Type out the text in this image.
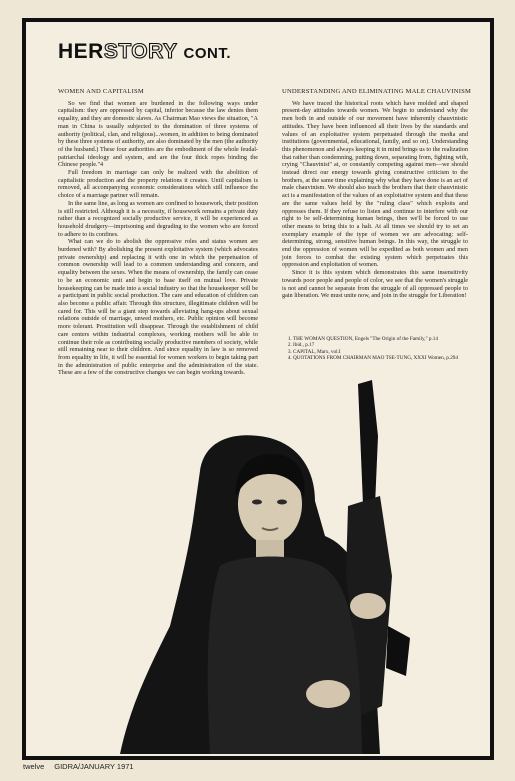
HERSTORY CONT.
WOMEN AND CAPITALISM

So we find that women are burdened in the following ways under capitalism: they are oppressed by capital, inferior because the law denies them equality, and they are domestic slaves. As Chairman Mao views the situation, "A man in China is usually subjected to the domination of three systems of authority (political, clan, and religious)...women, in addition to being dominated by these three systems of authority, are also dominated by the men (the authority of the husband.) These four authorities are the embodiment of the whole feudal-patriarchal ideology and system, and are the four thick ropes binding the Chinese people."4

Full freedom in marriage can only be realized with the abolition of capitalistic production and the property relations it creates. Until capitalism is removed, all accompanying economic considerations which still influence the choice of a marriage partner will remain.

In the same line, as long as women are confined to housework, their position is still restricted. Although it is a necessity, if housework remains a private duty rather than a recognized socially productive service, it will be experienced as household drudgery—imprisoning and degrading to the women who are forced to adhere to its confines.

What can we do to abolish the oppressive roles and status women are burdened with? By abolishing the present exploitative system (which advocates private ownership) and replacing it with one in which the perpetuation of common ownership will lead to a common understanding and concern, and equality between the sexes. When the means of ownership, the family can cease to be an economic unit and begin to base itself on mutual love. Private housekeeping can be made into a social industry so that the housekeeper will be a participant in public social production. The care and education of children can also become a public affair. Through this structure, illegitimate children will be cared for. This will be a giant step towards alleviating hang-ups about sexual relations outside of marriage, unwed mothers, etc. Public opinion will become more tolerant. Prostitution will disappear. Through the establishment of child care centers within industrial complexes, working mothers will be able to continue their role as contributing socially productive members of society, while still remaining near to their children. And since equality in law is so removed from equality in life, it will be essential for women workers to begin taking part in the administration of public enterprise and the administration of the state. These are a few of the constructive changes we can begin working towards.

UNDERSTANDING AND ELIMINATING MALE CHAUVINISM

We have traced the historical roots which have molded and shaped present-day attitudes towards women. We begin to understand why the men both in and outside of our movement have inherently chauvinistic attitudes. They have been influenced all their lives by the standards and values of an exploitative system perpetuated through the media and institutions (governmental, educational, family, and so on). Understanding this phenomenon and always keeping it in mind brings us to the realization that rather than condemning, putting down, separating from, fighting with, crying "Chauvinist" at, or constantly competing against men—we should instead direct our energy towards giving constructive criticism to the brothers, at the same time explaining why what they have done is an act of male chauvinism. We should also teach the brothers that their chauvinistic act is a manifestation of the values of an exploitative system and that these are the same values held by the "ruling class" which exploits and oppresses them. If they refuse to listen and continue to interfere with our right to be self-determining human beings, then we'll be forced to use other means to bring this to a halt. At all times we should try to set an exemplary example of the type of women we are advocating: self-determining, strong, sensitive human beings. In this way, the struggle to end the oppression of women will be expedited as both women and men join forces to combat the existing system which perpetuates this oppression and exploitation of women.

Since it is this system which demonstrates this same insensitivity towards poor people and people of color, we see that the women's struggle is not and cannot be separate from the struggle of all oppressed people to gain liberation. We must unite now, and join in the struggle for Liberation!

1. THE WOMAN QUESTION, Engels "The Origin of the Family," p.14
2. Ibid., p.17
3. CAPITAL, Marx, vol.I
4. QUOTATIONS FROM CHAIRMAN MAO TSE-TUNG, XXXI Women, p.294
twelve GIDRA/JANUARY 1971
